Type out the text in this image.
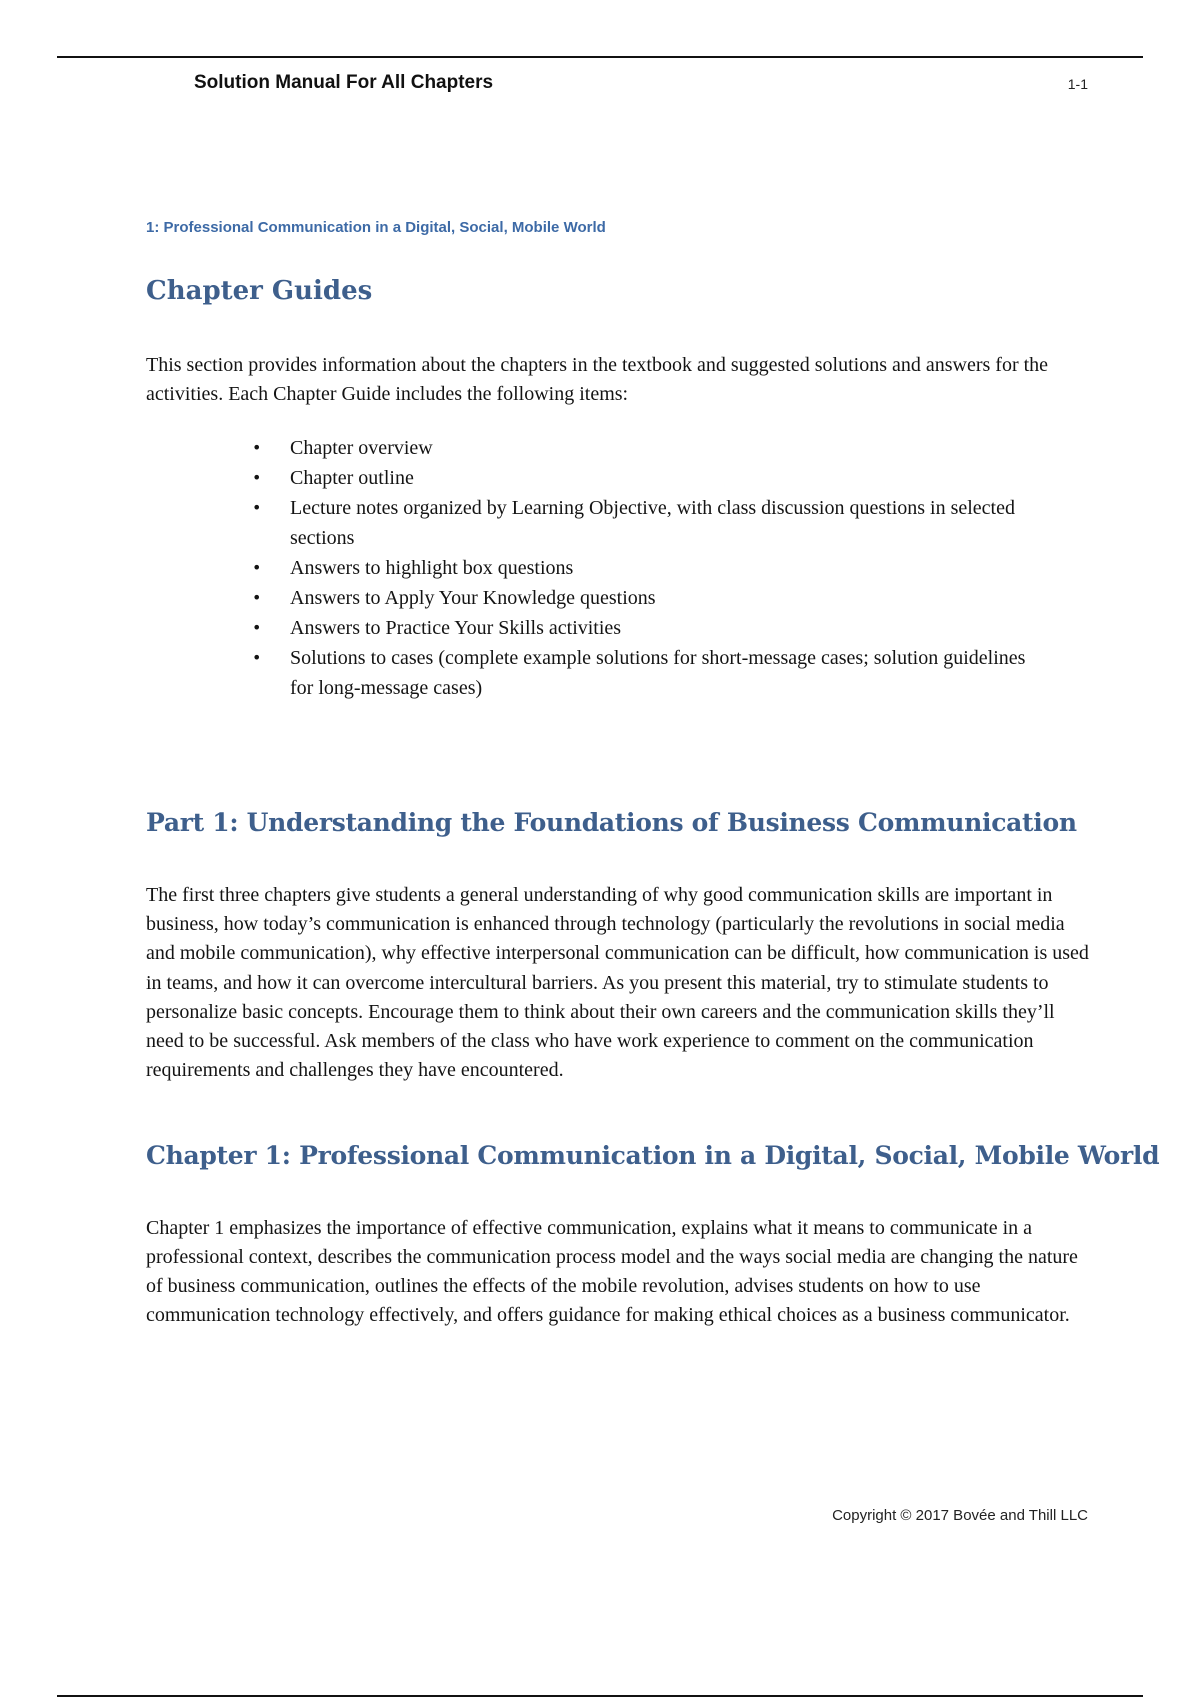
Solution Manual For All Chapters	1-1
1: Professional Communication in a Digital, Social, Mobile World
Chapter Guides

This section provides information about the chapters in the textbook and suggested solutions and answers for the activities. Each Chapter Guide includes the following items:

• Chapter overview
• Chapter outline
• Lecture notes organized by Learning Objective, with class discussion questions in selected sections
• Answers to highlight box questions
• Answers to Apply Your Knowledge questions
• Answers to Practice Your Skills activities
• Solutions to cases (complete example solutions for short-message cases; solution guidelines for long-message cases)
Part 1: Understanding the Foundations of Business Communication

The first three chapters give students a general understanding of why good communication skills are important in business, how today’s communication is enhanced through technology (particularly the revolutions in social media and mobile communication), why effective interpersonal communication can be difficult, how communication is used in teams, and how it can overcome intercultural barriers. As you present this material, try to stimulate students to personalize basic concepts. Encourage them to think about their own careers and the communication skills they’ll need to be successful. Ask members of the class who have work experience to comment on the communication requirements and challenges they have encountered.

Chapter 1: Professional Communication in a Digital, Social, Mobile World

Chapter 1 emphasizes the importance of effective communication, explains what it means to communicate in a professional context, describes the communication process model and the ways social media are changing the nature of business communication, outlines the effects of the mobile revolution, advises students on how to use communication technology effectively, and offers guidance for making ethical choices as a business communicator.

Copyright © 2017 Bovée and Thill LLC
